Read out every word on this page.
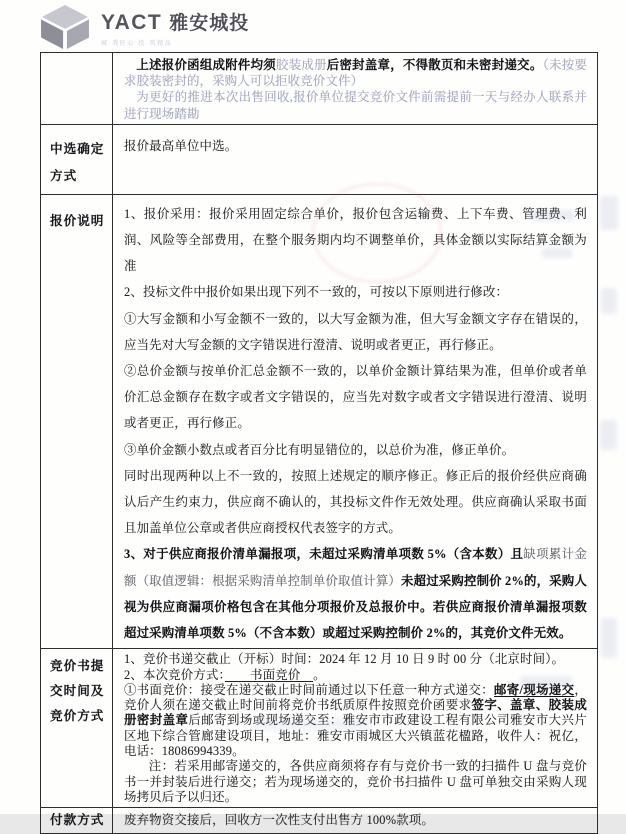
YACT 雅安城投
城·我匠心 投·筑精品

上述报价函组成附件均须胶装成册后密封盖章，不得散页和未密封递交。（未按要求胶装密封的，采购人可以拒收竞价文件）

为更好的推进本次出售回收,报价单位提交竞价文件前需提前一天与经办人联系并进行现场踏勘

中选确定方式

报价最高单位中选。

报价说明	1、报价采用：报价采用固定综合单价，报价包含运输费、上下车费、管理费、利润、风险等全部费用，在整个服务期内均不调整单价，具体金额以实际结算金额为准

2、投标文件中报价如果出现下列不一致的，可按以下原则进行修改：

①大写金额和小写金额不一致的，以大写金额为准，但大写金额文字存在错误的，应当先对大写金额的文字错误进行澄清、说明或者更正，再行修正。

②总价金额与按单价汇总金额不一致的，以单价金额计算结果为准，但单价或者单价汇总金额存在数字或者文字错误的，应当先对数字或者文字错误进行澄清、说明或者更正，再行修正。

③单价金额小数点或者百分比有明显错位的，以总价为准，修正单价。

同时出现两种以上不一致的，按照上述规定的顺序修正。修正后的报价经供应商确认后产生约束力，供应商不确认的，其投标文件作无效处理。供应商确认采取书面且加盖单位公章或者供应商授权代表签字的方式。

3、对于供应商报价清单漏报项，未超过采购清单项数 5%（含本数）且缺项累计金额（取值逻辑：根据采购清单控制单价取值计算）未超过采购控制价 2%的，采购人视为供应商漏项价格包含在其他分项报价及总报价中。若供应商报价清单漏报项数超过采购清单项数 5%（不含本数）或超过采购控制价 2%的，其竞价文件无效。

竞价书提交时间及竞价方式

1、竞价书递交截止（开标）时间：2024 年 12 月 10 日 9 时 00 分（北京时间）。

2、本次竞价方式：　　书面竞价　。

①书面竞价：接受在递交截止时间前通过以下任意一种方式递交：邮寄/现场递交，竞价人须在递交截止时间前将竞价书纸质原件按照竞价函要求签字、盖章、胶装成册密封盖章后邮寄到场或现场递交至：雅安市市政建设工程有限公司雅安市大兴片区地下综合管廊建设项目，地址：雅安市雨城区大兴镇蓝花楹路，收件人：祝亿，电话：18086994339。

注：若采用邮寄递交的，各供应商须将存有与竞价书一致的扫描件 U 盘与竞价书一并封装后进行递交；若为现场递交的，竞价书扫描件 U 盘可单独交由采购人现场拷贝后予以归还。

付款方式	废弃物资交接后，回收方一次性支付出售方 100%款项。
